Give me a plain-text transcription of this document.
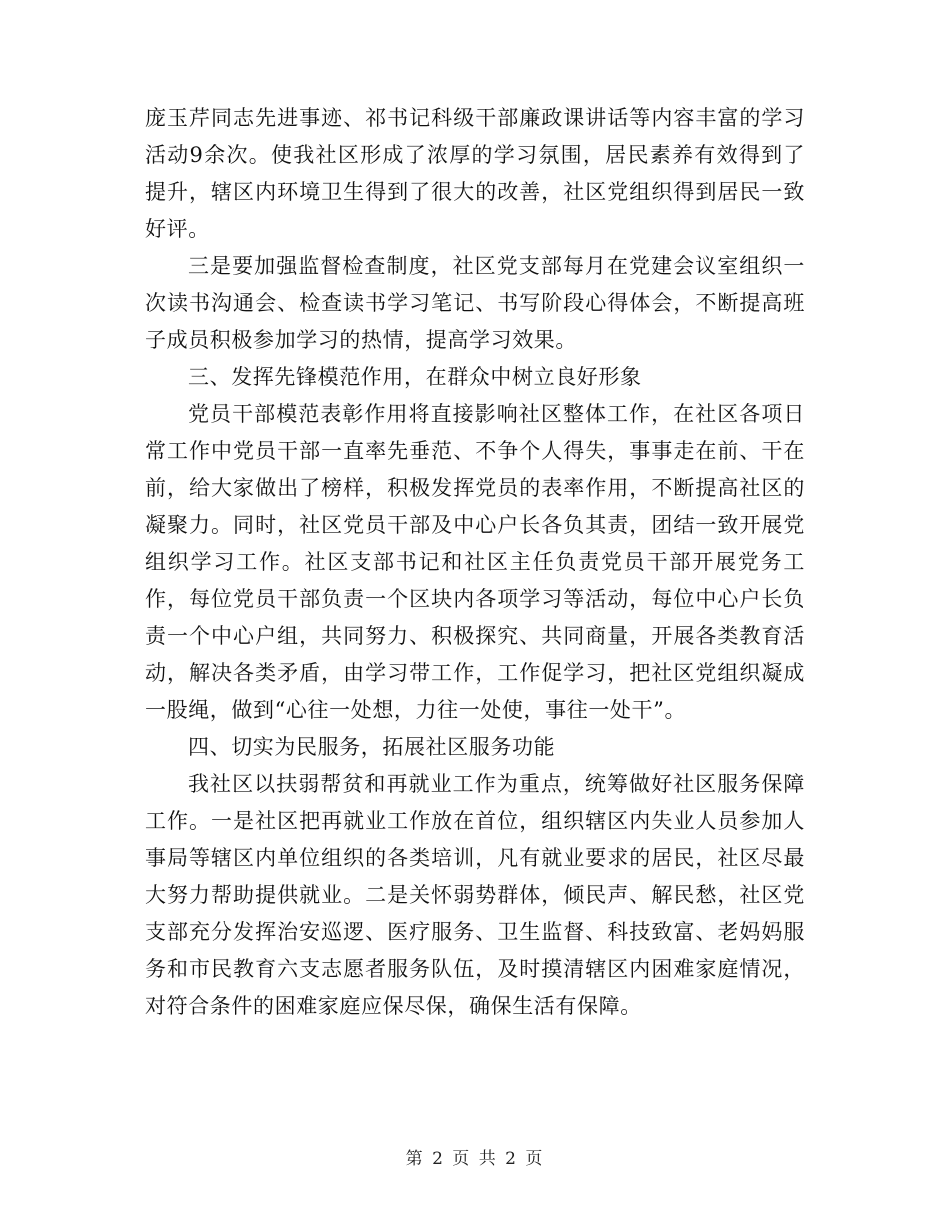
庞玉芹同志先进事迹、祁书记科级干部廉政课讲话等内容丰富的学习活动9余次。使我社区形成了浓厚的学习氛围，居民素养有效得到了提升，辖区内环境卫生得到了很大的改善，社区党组织得到居民一致好评。

三是要加强监督检查制度，社区党支部每月在党建会议室组织一次读书沟通会、检查读书学习笔记、书写阶段心得体会，不断提高班子成员积极参加学习的热情，提高学习效果。

三、发挥先锋模范作用，在群众中树立良好形象

党员干部模范表彰作用将直接影响社区整体工作，在社区各项日常工作中党员干部一直率先垂范、不争个人得失，事事走在前、干在前，给大家做出了榜样，积极发挥党员的表率作用，不断提高社区的凝聚力。同时，社区党员干部及中心户长各负其责，团结一致开展党组织学习工作。社区支部书记和社区主任负责党员干部开展党务工作，每位党员干部负责一个区块内各项学习等活动，每位中心户长负责一个中心户组，共同努力、积极探究、共同商量，开展各类教育活动，解决各类矛盾，由学习带工作，工作促学习，把社区党组织凝成一股绳，做到“心往一处想，力往一处使，事往一处干”。

四、切实为民服务，拓展社区服务功能

我社区以扶弱帮贫和再就业工作为重点，统筹做好社区服务保障工作。一是社区把再就业工作放在首位，组织辖区内失业人员参加人事局等辖区内单位组织的各类培训，凡有就业要求的居民，社区尽最大努力帮助提供就业。二是关怀弱势群体，倾民声、解民愁，社区党支部充分发挥治安巡逻、医疗服务、卫生监督、科技致富、老妈妈服务和市民教育六支志愿者服务队伍，及时摸清辖区内困难家庭情况，对符合条件的困难家庭应保尽保，确保生活有保障。

第 2 页 共 2 页
